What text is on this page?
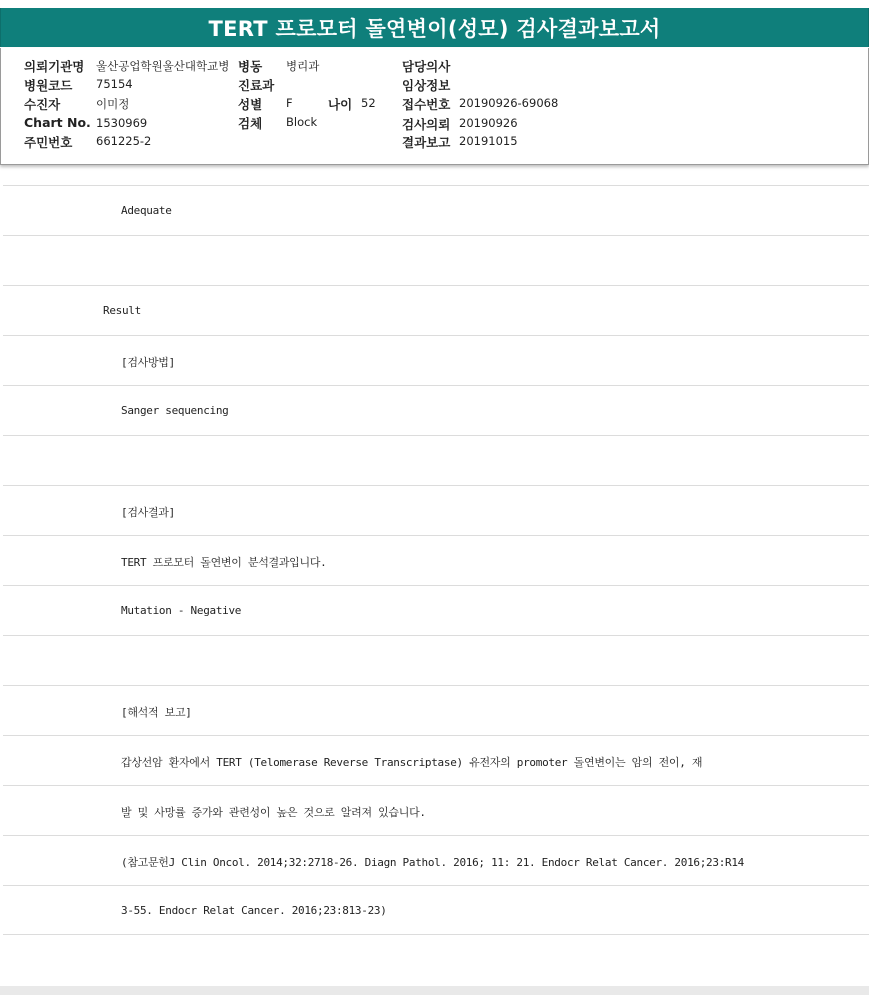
TERT 프로모터 돌연변이(성모) 검사결과보고서
의뢰기관명 울산공업학원울산대학교병 병동 병리과	담당의사
병원코드 75154	진료과	임상정보
수진자	이미정	성별 F	나이 52 접수번호 20190926-69068
Chart No. 1530969	검체 Block	검사의뢰 20190926
주민번호 661225-2	결과보고 20191015
Adequate
Result
[검사방법]
Sanger sequencing
[검사결과]
TERT 프로모터 돌연변이 분석결과입니다.
Mutation - Negative
[해석적 보고]
갑상선암 환자에서 TERT (Telomerase Reverse Transcriptase) 유전자의 promoter 돌연변이는 암의 전이, 재
발 및 사망률 증가와 관련성이 높은 것으로 알려져 있습니다.
(참고문헌J Clin Oncol. 2014;32:2718-26. Diagn Pathol. 2016; 11: 21. Endocr Relat Cancer. 2016;23:R14
3-55. Endocr Relat Cancer. 2016;23:813-23)
